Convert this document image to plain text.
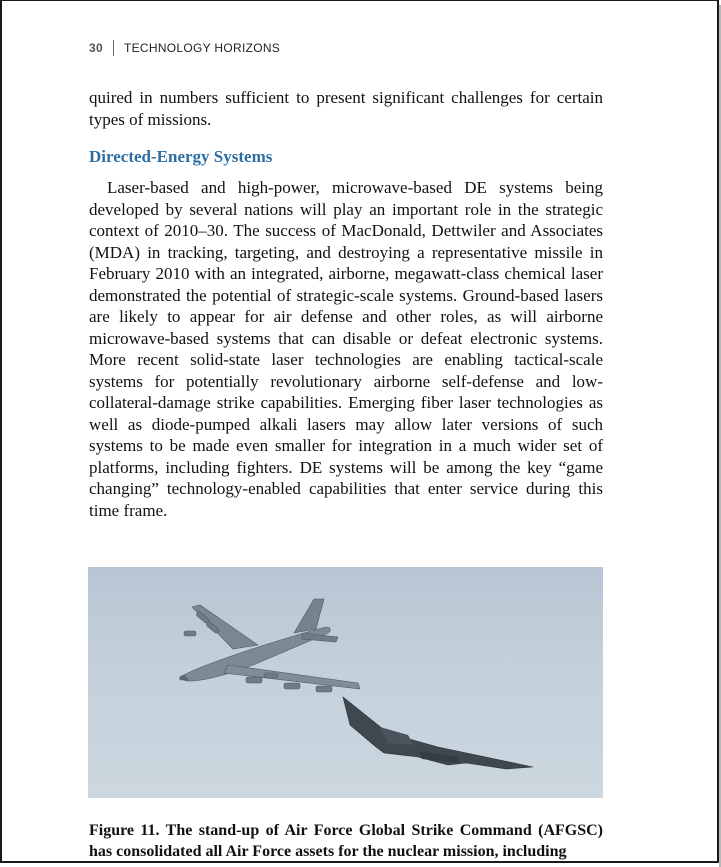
30 TECHNOLOGY HORIZONS

quired in numbers sufficient to present significant challenges for certain types of missions.

Directed-Energy Systems

Laser-based and high-power, microwave-based DE systems being developed by several nations will play an important role in the strategic context of 2010–30. The success of MacDonald, Dettwiler and Associates (MDA) in tracking, targeting, and destroying a representative missile in February 2010 with an integrated, airborne, megawatt-class chemical laser demonstrated the potential of strategic-scale systems. Ground-based lasers are likely to appear for air defense and other roles, as will airborne microwave-based systems that can disable or defeat electronic systems. More recent solid-state laser technologies are enabling tactical-scale systems for potentially revolutionary airborne self-defense and low-collateral-damage strike capabilities. Emerging fiber laser technologies as well as diode-pumped alkali lasers may allow later versions of such systems to be made even smaller for integration in a much wider set of platforms, including fighters. DE systems will be among the key “game changing” technology-enabled capabilities that enter service during this time frame.

Figure 11. The stand-up of Air Force Global Strike Command (AFGSC) has consolidated all Air Force assets for the nuclear mission, including
